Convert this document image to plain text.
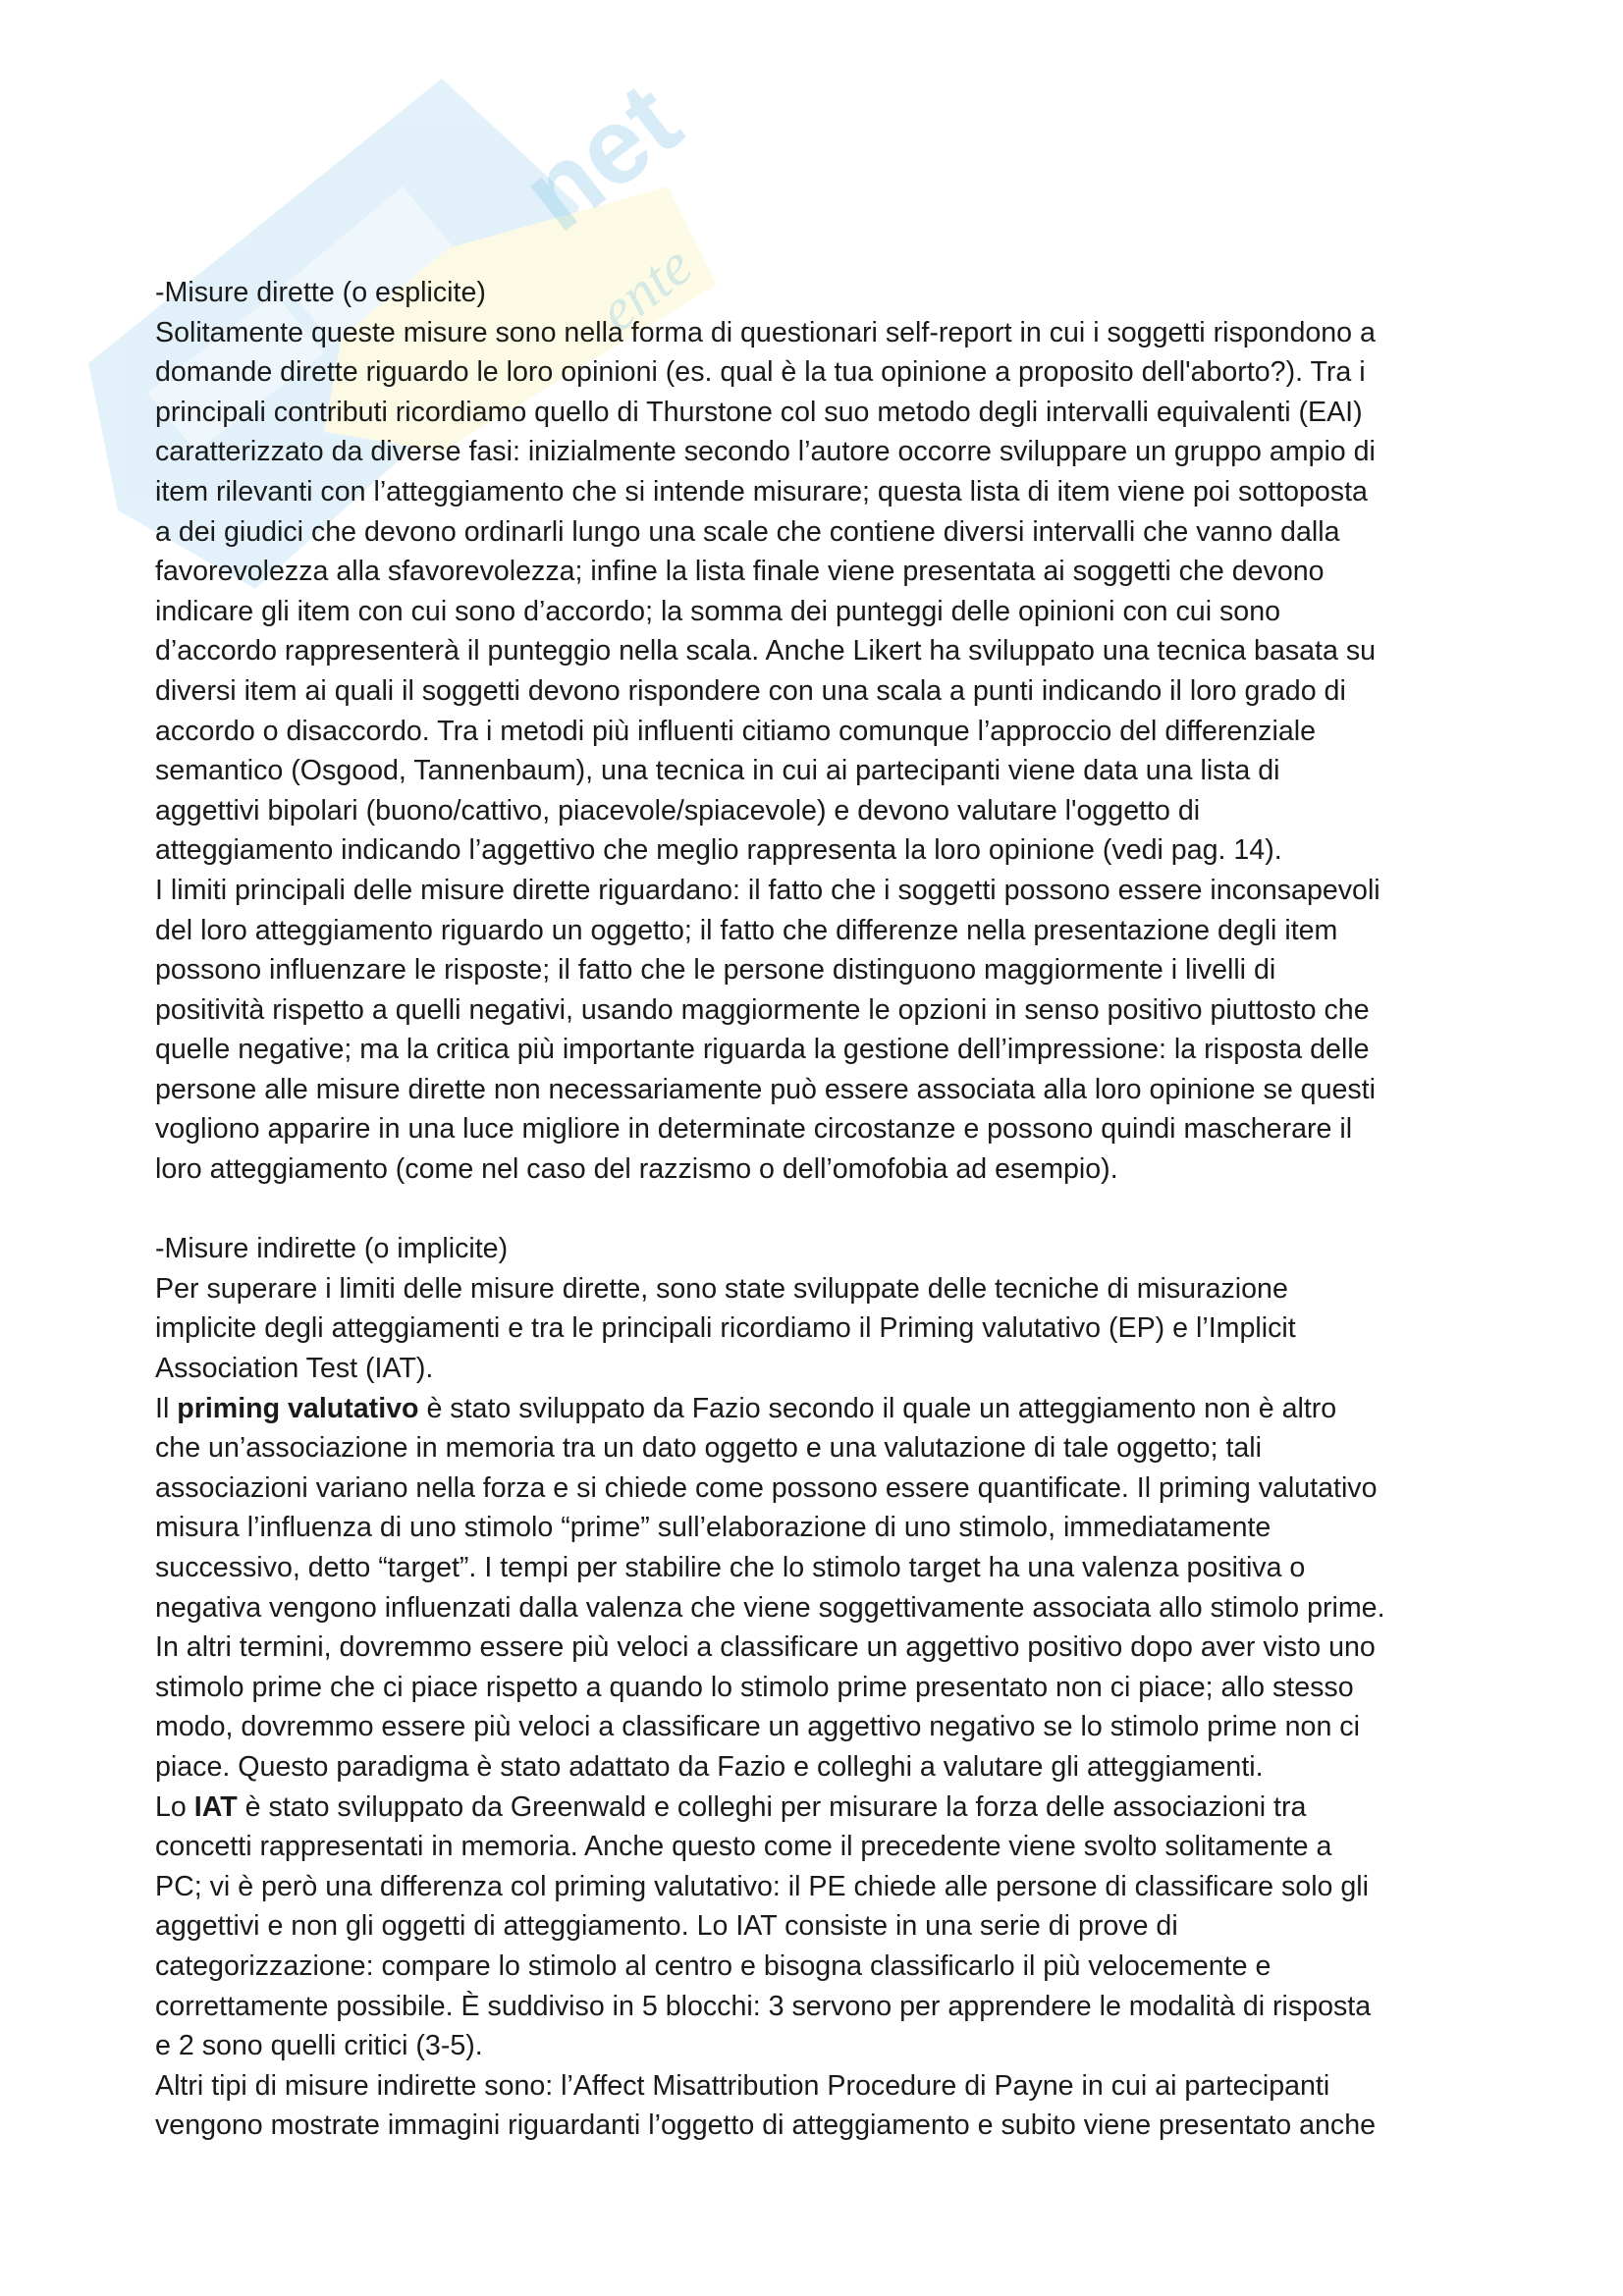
net
ente

-Misure dirette (o esplicite)

Solitamente queste misure sono nella forma di questionari self-report in cui i soggetti rispondono a

domande dirette riguardo le loro opinioni (es. qual è la tua opinione a proposito dell'aborto?). Tra i

principali contributi ricordiamo quello di Thurstone col suo metodo degli intervalli equivalenti (EAI)

caratterizzato da diverse fasi: inizialmente secondo l’autore occorre sviluppare un gruppo ampio di

item rilevanti con l’atteggiamento che si intende misurare; questa lista di item viene poi sottoposta

a dei giudici che devono ordinarli lungo una scale che contiene diversi intervalli che vanno dalla

favorevolezza alla sfavorevolezza; infine la lista finale viene presentata ai soggetti che devono

indicare gli item con cui sono d’accordo; la somma dei punteggi delle opinioni con cui sono

d’accordo rappresenterà il punteggio nella scala. Anche Likert ha sviluppato una tecnica basata su

diversi item ai quali il soggetti devono rispondere con una scala a punti indicando il loro grado di

accordo o disaccordo. Tra i metodi più influenti citiamo comunque l’approccio del differenziale

semantico (Osgood, Tannenbaum), una tecnica in cui ai partecipanti viene data una lista di

aggettivi bipolari (buono/cattivo, piacevole/spiacevole) e devono valutare l'oggetto di

atteggiamento indicando l’aggettivo che meglio rappresenta la loro opinione (vedi pag. 14).

I limiti principali delle misure dirette riguardano: il fatto che i soggetti possono essere inconsapevoli

del loro atteggiamento riguardo un oggetto; il fatto che differenze nella presentazione degli item

possono influenzare le risposte; il fatto che le persone distinguono maggiormente i livelli di

positività rispetto a quelli negativi, usando maggiormente le opzioni in senso positivo piuttosto che

quelle negative; ma la critica più importante riguarda la gestione dell’impressione: la risposta delle

persone alle misure dirette non necessariamente può essere associata alla loro opinione se questi

vogliono apparire in una luce migliore in determinate circostanze e possono quindi mascherare il

loro atteggiamento (come nel caso del razzismo o dell’omofobia ad esempio).

-Misure indirette (o implicite)

Per superare i limiti delle misure dirette, sono state sviluppate delle tecniche di misurazione

implicite degli atteggiamenti e tra le principali ricordiamo il Priming valutativo (EP) e l’Implicit

Association Test (IAT).

Il priming valutativo è stato sviluppato da Fazio secondo il quale un atteggiamento non è altro

che un’associazione in memoria tra un dato oggetto e una valutazione di tale oggetto; tali

associazioni variano nella forza e si chiede come possono essere quantificate. Il priming valutativo

misura l’influenza di uno stimolo “prime” sull’elaborazione di uno stimolo, immediatamente

successivo, detto “target”. I tempi per stabilire che lo stimolo target ha una valenza positiva o

negativa vengono influenzati dalla valenza che viene soggettivamente associata allo stimolo prime.

In altri termini, dovremmo essere più veloci a classificare un aggettivo positivo dopo aver visto uno

stimolo prime che ci piace rispetto a quando lo stimolo prime presentato non ci piace; allo stesso

modo, dovremmo essere più veloci a classificare un aggettivo negativo se lo stimolo prime non ci

piace. Questo paradigma è stato adattato da Fazio e colleghi a valutare gli atteggiamenti.

Lo IAT è stato sviluppato da Greenwald e colleghi per misurare la forza delle associazioni tra

concetti rappresentati in memoria. Anche questo come il precedente viene svolto solitamente a

PC; vi è però una differenza col priming valutativo: il PE chiede alle persone di classificare solo gli

aggettivi e non gli oggetti di atteggiamento. Lo IAT consiste in una serie di prove di

categorizzazione: compare lo stimolo al centro e bisogna classificarlo il più velocemente e

correttamente possibile. È suddiviso in 5 blocchi: 3 servono per apprendere le modalità di risposta

e 2 sono quelli critici (3-5).

Altri tipi di misure indirette sono: l’Affect Misattribution Procedure di Payne in cui ai partecipanti

vengono mostrate immagini riguardanti l’oggetto di atteggiamento e subito viene presentato anche
